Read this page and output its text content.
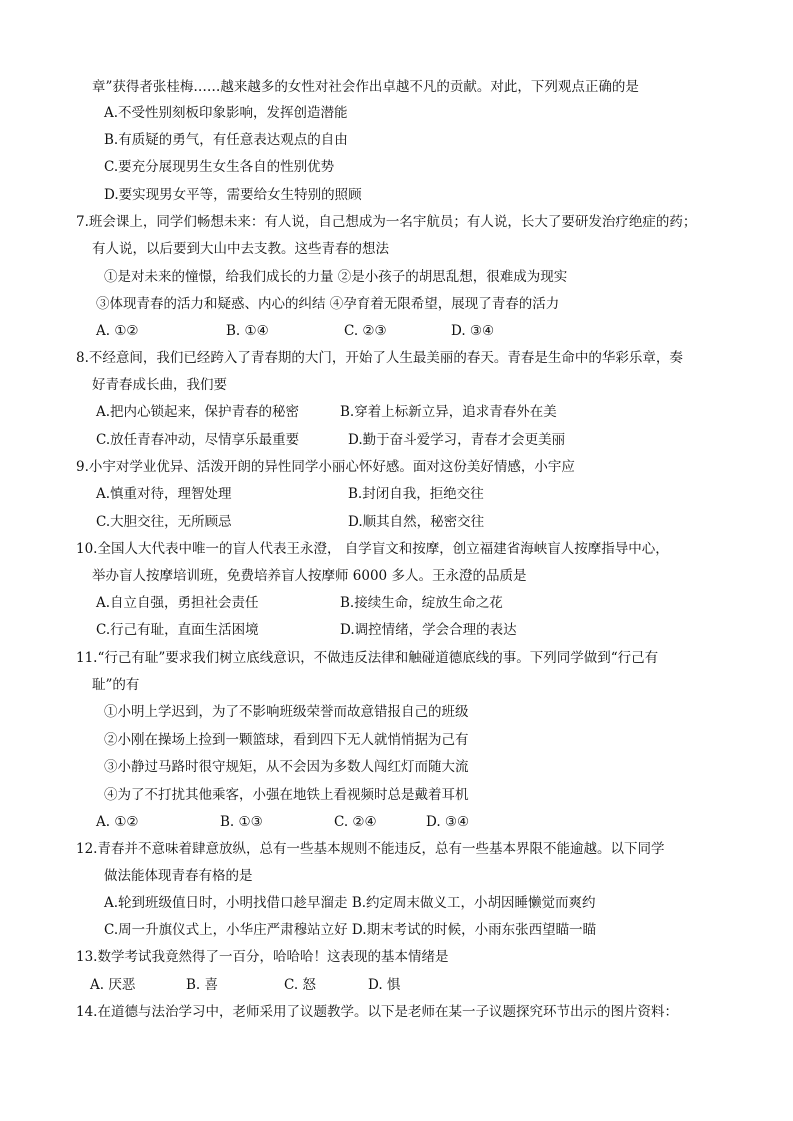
章”获得者张桂梅……越来越多的女性对社会作出卓越不凡的贡献。对此，下列观点正确的是
A.不受性别刻板印象影响，发挥创造潜能
B.有质疑的勇气，有任意表达观点的自由
C.要充分展现男生女生各自的性别优势
D.要实现男女平等，需要给女生特别的照顾
7.班会课上，同学们畅想未来：有人说，自己想成为一名宇航员；有人说，长大了要研发治疗绝症的药；
有人说，以后要到大山中去支教。这些青春的想法
①是对未来的憧憬，给我们成长的力量 ②是小孩子的胡思乱想，很难成为现实
③体现青春的活力和疑惑、内心的纠结 ④孕育着无限希望，展现了青春的活力
A. ①②	B. ①④	C. ②③	D. ③④
8.不经意间，我们已经跨入了青春期的大门，开始了人生最美丽的春天。青春是生命中的华彩乐章，奏
好青春成长曲，我们要
A.把内心锁起来，保护青春的秘密	B.穿着上标新立异，追求青春外在美
C.放任青春冲动，尽情享乐最重要	D.勤于奋斗爱学习，青春才会更美丽
9.小宇对学业优异、活泼开朗的异性同学小丽心怀好感。面对这份美好情感，小宇应
A.慎重对待，理智处理	B.封闭自我，拒绝交往
C.大胆交往，无所顾忌	D.顺其自然，秘密交往
10.全国人大代表中唯一的盲人代表王永澄， 自学盲文和按摩，创立福建省海峡盲人按摩指导中心，
举办盲人按摩培训班，免费培养盲人按摩师 6000 多人。王永澄的品质是
A.自立自强，勇担社会责任	B.接续生命，绽放生命之花
C.行己有耻，直面生活困境	D.调控情绪，学会合理的表达
11.“行己有耻”要求我们树立底线意识，不做违反法律和触碰道德底线的事。下列同学做到“行己有
耻”的有
①小明上学迟到，为了不影响班级荣誉而故意错报自己的班级
②小刚在操场上捡到一颗篮球，看到四下无人就悄悄据为己有
③小静过马路时很守规矩，从不会因为多数人闯红灯而随大流
④为了不打扰其他乘客，小强在地铁上看视频时总是戴着耳机
A. ①②	B. ①③	C. ②④	D. ③④
12.青春并不意味着肆意放纵，总有一些基本规则不能违反，总有一些基本界限不能逾越。以下同学
做法能体现青春有格的是
A.轮到班级值日时，小明找借口趁早溜走 B.约定周末做义工，小胡因睡懒觉而爽约
C.周一升旗仪式上，小华庄严肃穆站立好 D.期末考试的时候，小雨东张西望瞄一瞄
13.数学考试我竟然得了一百分，哈哈哈！这表现的基本情绪是
A. 厌恶	B. 喜	C. 怒	D. 惧
14.在道德与法治学习中，老师采用了议题教学。以下是老师在某一子议题探究环节出示的图片资料：
